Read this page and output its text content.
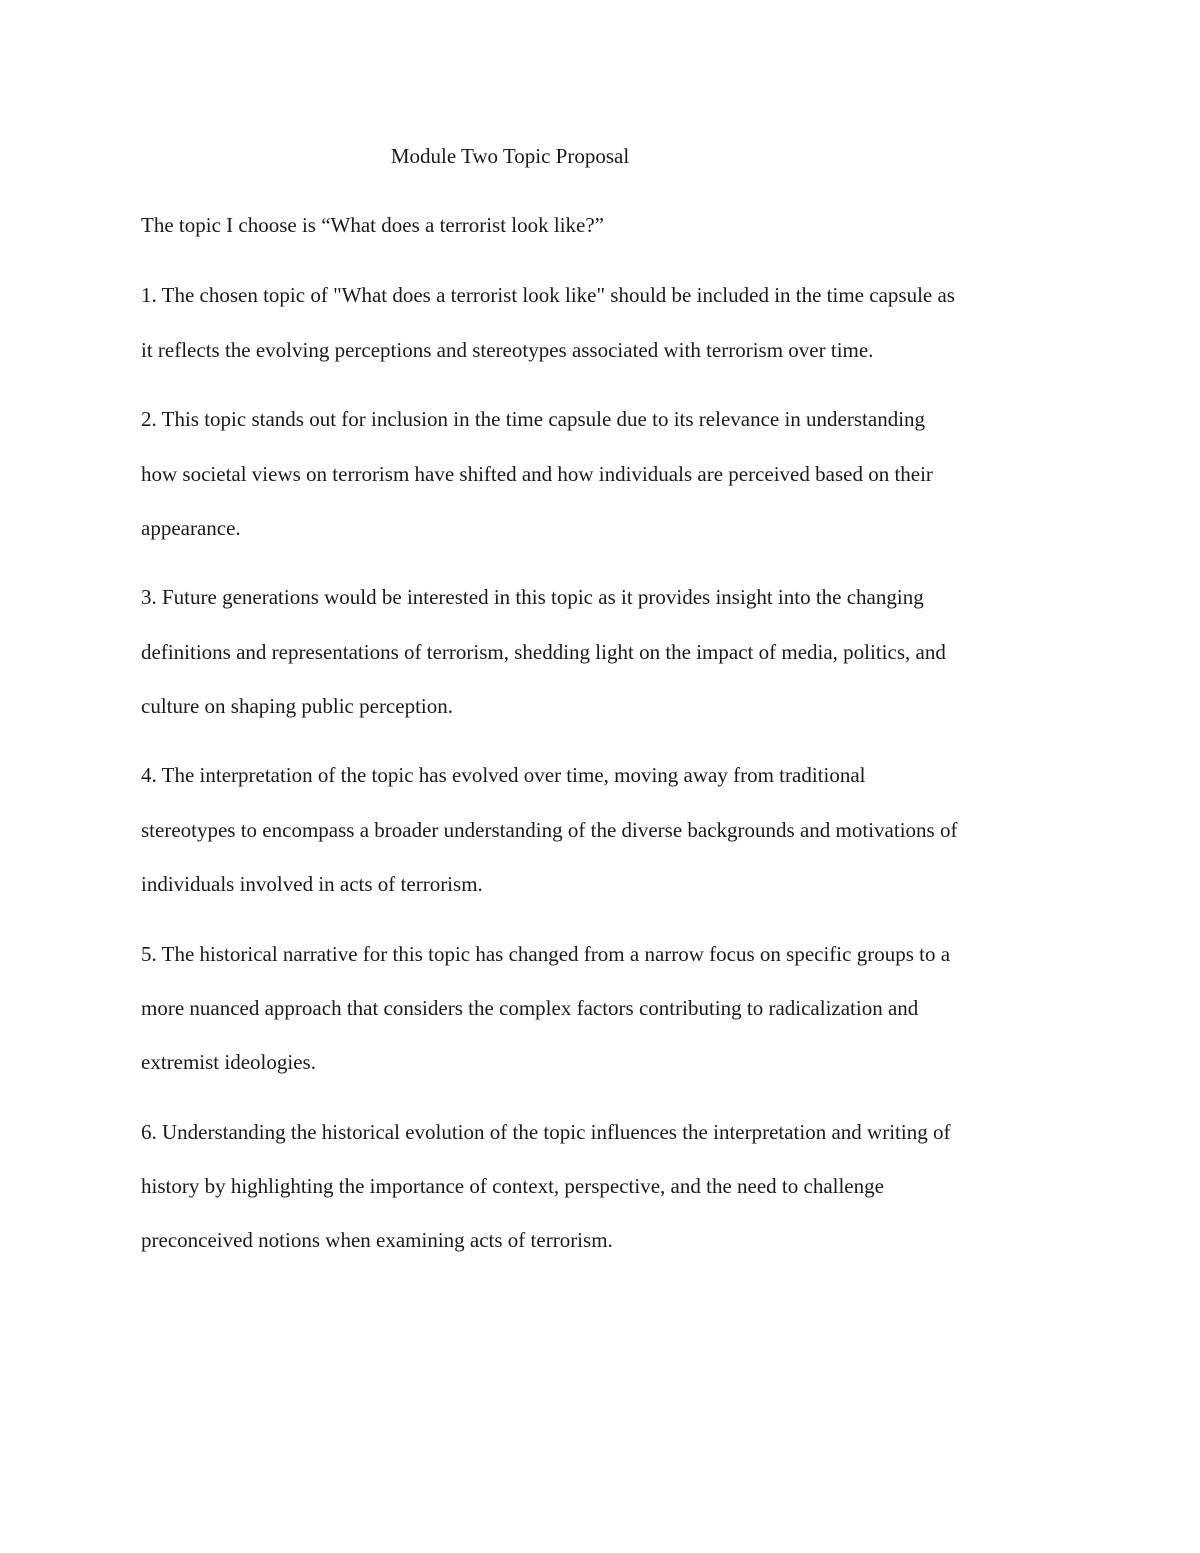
Module Two Topic Proposal
The topic I choose is “What does a terrorist look like?”
1. The chosen topic of "What does a terrorist look like" should be included in the time capsule as
it reflects the evolving perceptions and stereotypes associated with terrorism over time.
2. This topic stands out for inclusion in the time capsule due to its relevance in understanding
how societal views on terrorism have shifted and how individuals are perceived based on their
appearance.
3. Future generations would be interested in this topic as it provides insight into the changing
definitions and representations of terrorism, shedding light on the impact of media, politics, and
culture on shaping public perception.
4. The interpretation of the topic has evolved over time, moving away from traditional
stereotypes to encompass a broader understanding of the diverse backgrounds and motivations of
individuals involved in acts of terrorism.
5. The historical narrative for this topic has changed from a narrow focus on specific groups to a
more nuanced approach that considers the complex factors contributing to radicalization and
extremist ideologies.
6. Understanding the historical evolution of the topic influences the interpretation and writing of
history by highlighting the importance of context, perspective, and the need to challenge
preconceived notions when examining acts of terrorism.
